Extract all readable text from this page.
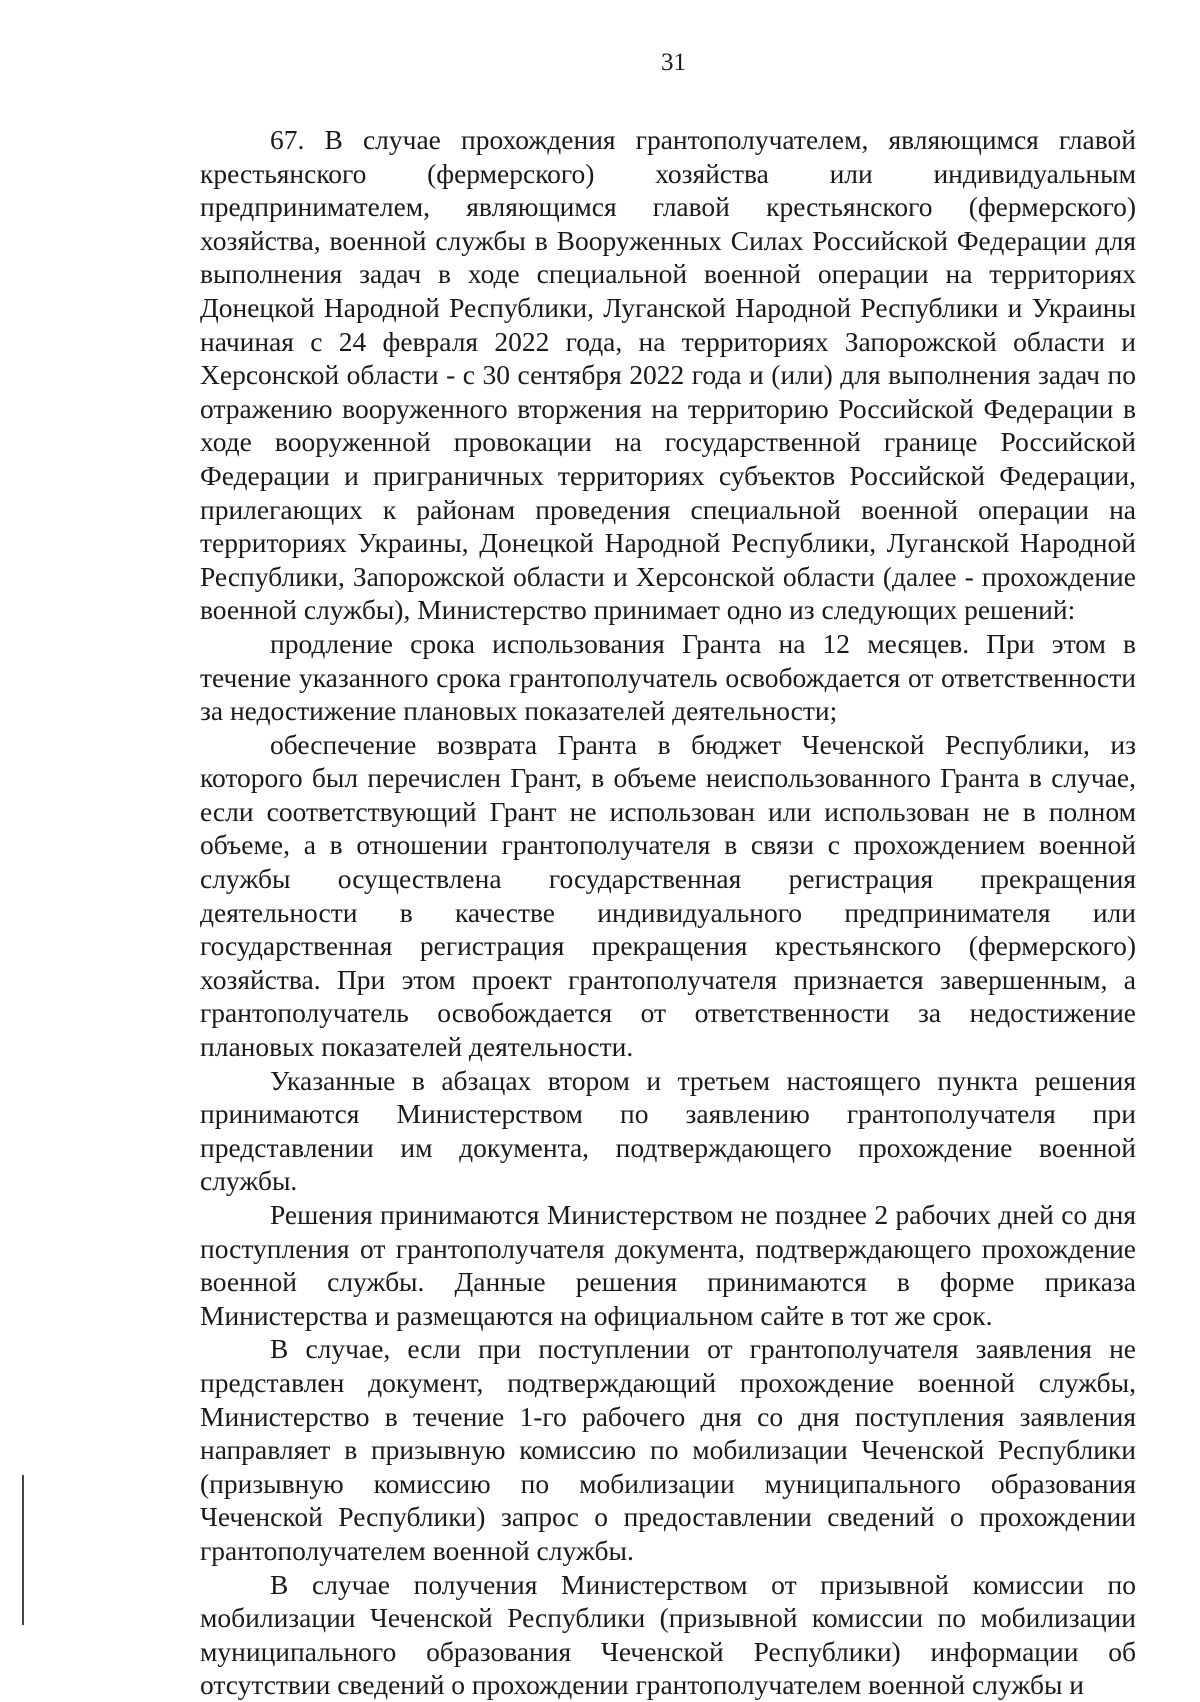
31

67. В случае прохождения грантополучателем, являющимся главой крестьянского (фермерского) хозяйства или индивидуальным предпринимателем, являющимся главой крестьянского (фермерского) хозяйства, военной службы в Вооруженных Силах Российской Федерации для выполнения задач в ходе специальной военной операции на территориях Донецкой Народной Республики, Луганской Народной Республики и Украины начиная с 24 февраля 2022 года, на территориях Запорожской области и Херсонской области - с 30 сентября 2022 года и (или) для выполнения задач по отражению вооруженного вторжения на территорию Российской Федерации в ходе вооруженной провокации на государственной границе Российской Федерации и приграничных территориях субъектов Российской Федерации, прилегающих к районам проведения специальной военной операции на территориях Украины, Донецкой Народной Республики, Луганской Народной Республики, Запорожской области и Херсонской области (далее - прохождение военной службы), Министерство принимает одно из следующих решений:

продление срока использования Гранта на 12 месяцев. При этом в течение указанного срока грантополучатель освобождается от ответственности за недостижение плановых показателей деятельности;

обеспечение возврата Гранта в бюджет Чеченской Республики, из которого был перечислен Грант, в объеме неиспользованного Гранта в случае, если соответствующий Грант не использован или использован не в полном объеме, а в отношении грантополучателя в связи с прохождением военной службы осуществлена государственная регистрация прекращения деятельности в качестве индивидуального предпринимателя или государственная регистрация прекращения крестьянского (фермерского) хозяйства. При этом проект грантополучателя признается завершенным, а грантополучатель освобождается от ответственности за недостижение плановых показателей деятельности.

Указанные в абзацах втором и третьем настоящего пункта решения принимаются Министерством по заявлению грантополучателя при представлении им документа, подтверждающего прохождение военной службы.

Решения принимаются Министерством не позднее 2 рабочих дней со дня поступления от грантополучателя документа, подтверждающего прохождение военной службы. Данные решения принимаются в форме приказа Министерства и размещаются на официальном сайте в тот же срок.

В случае, если при поступлении от грантополучателя заявления не представлен документ, подтверждающий прохождение военной службы, Министерство в течение 1-го рабочего дня со дня поступления заявления направляет в призывную комиссию по мобилизации Чеченской Республики (призывную комиссию по мобилизации муниципального образования Чеченской Республики) запрос о предоставлении сведений о прохождении грантополучателем военной службы.

В случае получения Министерством от призывной комиссии по мобилизации Чеченской Республики (призывной комиссии по мобилизации муниципального образования Чеченской Республики) информации об отсутствии сведений о прохождении грантополучателем военной службы и
